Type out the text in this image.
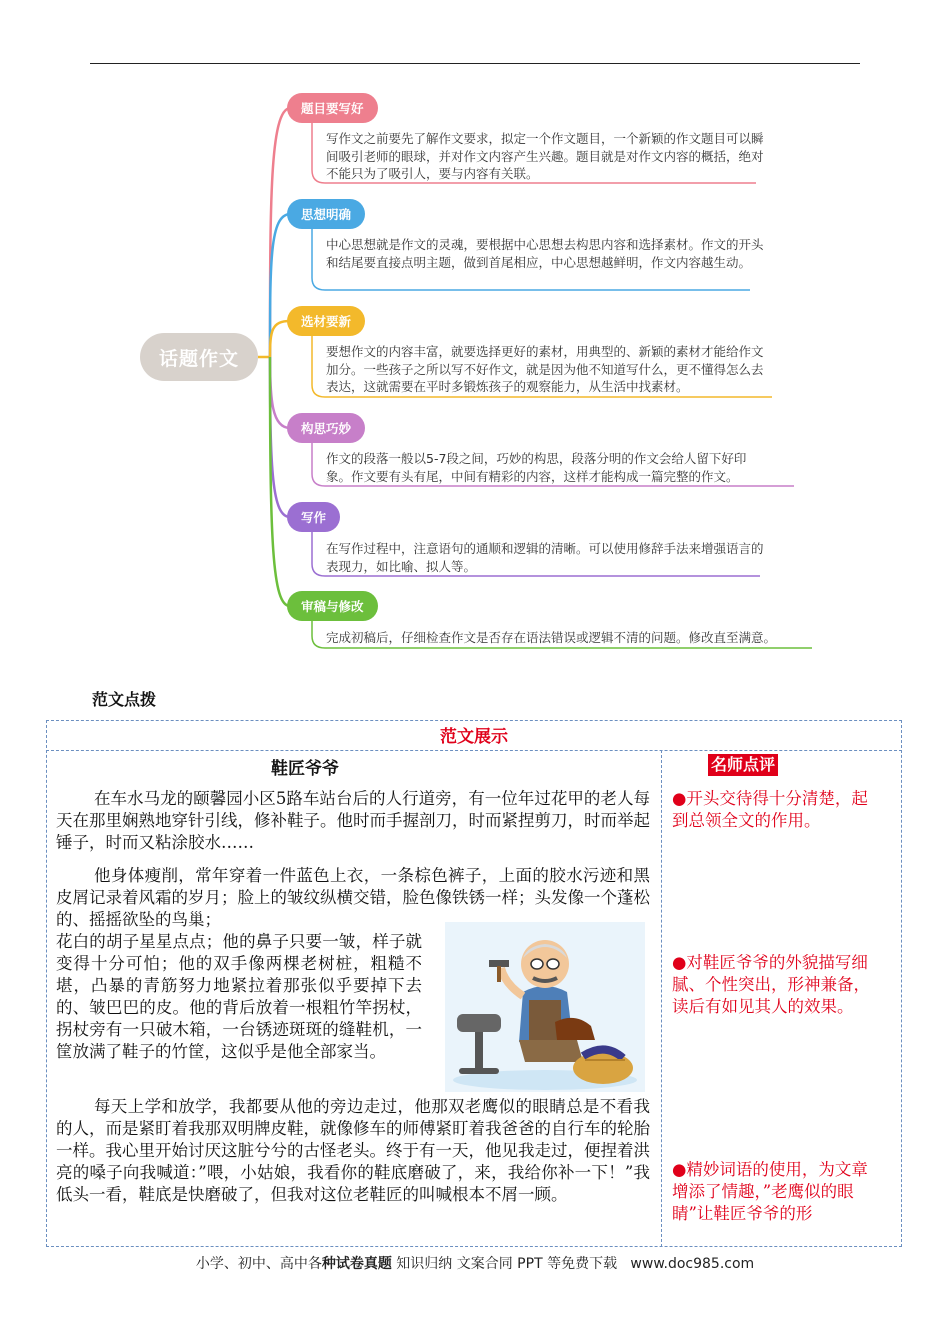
话题作文
题目要写好
写作文之前要先了解作文要求，拟定一个作文题目，一个新颖的作文题目可以瞬间吸引老师的眼球，并对作文内容产生兴趣。题目就是对作文内容的概括，绝对不能只为了吸引人，要与内容有关联。
思想明确
中心思想就是作文的灵魂，要根据中心思想去构思内容和选择素材。作文的开头和结尾要直接点明主题，做到首尾相应，中心思想越鲜明，作文内容越生动。
选材要新
要想作文的内容丰富，就要选择更好的素材，用典型的、新颖的素材才能给作文加分。一些孩子之所以写不好作文，就是因为他不知道写什么，更不懂得怎么去表达，这就需要在平时多锻炼孩子的观察能力，从生活中找素材。
构思巧妙
作文的段落一般以5-7段之间，巧妙的构思，段落分明的作文会给人留下好印象。作文要有头有尾，中间有精彩的内容，这样才能构成一篇完整的作文。
写作
在写作过程中，注意语句的通顺和逻辑的清晰。可以使用修辞手法来增强语言的表现力，如比喻、拟人等。
审稿与修改
完成初稿后，仔细检查作文是否存在语法错误或逻辑不清的问题。修改直至满意。
范文点拨
范文展示
鞋匠爷爷	名师点评
在车水马龙的颐馨园小区5路车站台后的人行道旁，有一位年过花甲的老人每天在那里娴熟地穿针引线，修补鞋子。他时而手握剖刀，时而紧捏剪刀，时而举起锤子，时而又粘涂胶水……
他身体瘦削，常年穿着一件蓝色上衣，一条棕色裤子，上面的胶水污迹和黑皮屑记录着风霜的岁月；脸上的皱纹纵横交错，脸色像铁锈一样；头发像一个蓬松的、摇摇欲坠的鸟巢；
花白的胡子星星点点；他的鼻子只要一皱，样子就变得十分可怕；他的双手像两棵老树桩，粗糙不堪，凸暴的青筋努力地紧拉着那张似乎要掉下去的、皱巴巴的皮。他的背后放着一根粗竹竿拐杖，拐杖旁有一只破木箱，一台锈迹斑斑的缝鞋机，一筐放满了鞋子的竹筐，这似乎是他全部家当。
每天上学和放学，我都要从他的旁边走过，他那双老鹰似的眼睛总是不看我的人，而是紧盯着我那双明牌皮鞋，就像修车的师傅紧盯着我爸爸的自行车的轮胎一样。我心里开始讨厌这脏兮兮的古怪老头。终于有一天，他见我走过，便捏着洪亮的嗓子向我喊道：”喂，小姑娘，我看你的鞋底磨破了，来，我给你补一下！”我低头一看，鞋底是快磨破了，但我对这位老鞋匠的叫喊根本不屑一顾。
●开头交待得十分清楚，起到总领全文的作用。
●对鞋匠爷爷的外貌描写细腻、个性突出，形神兼备，读后有如见其人的效果。
●精妙词语的使用，为文章增添了情趣，”老鹰似的眼睛”让鞋匠爷爷的形
小学、初中、高中各种试卷真题 知识归纳 文案合同 PPT 等免费下载   www.doc985.com
